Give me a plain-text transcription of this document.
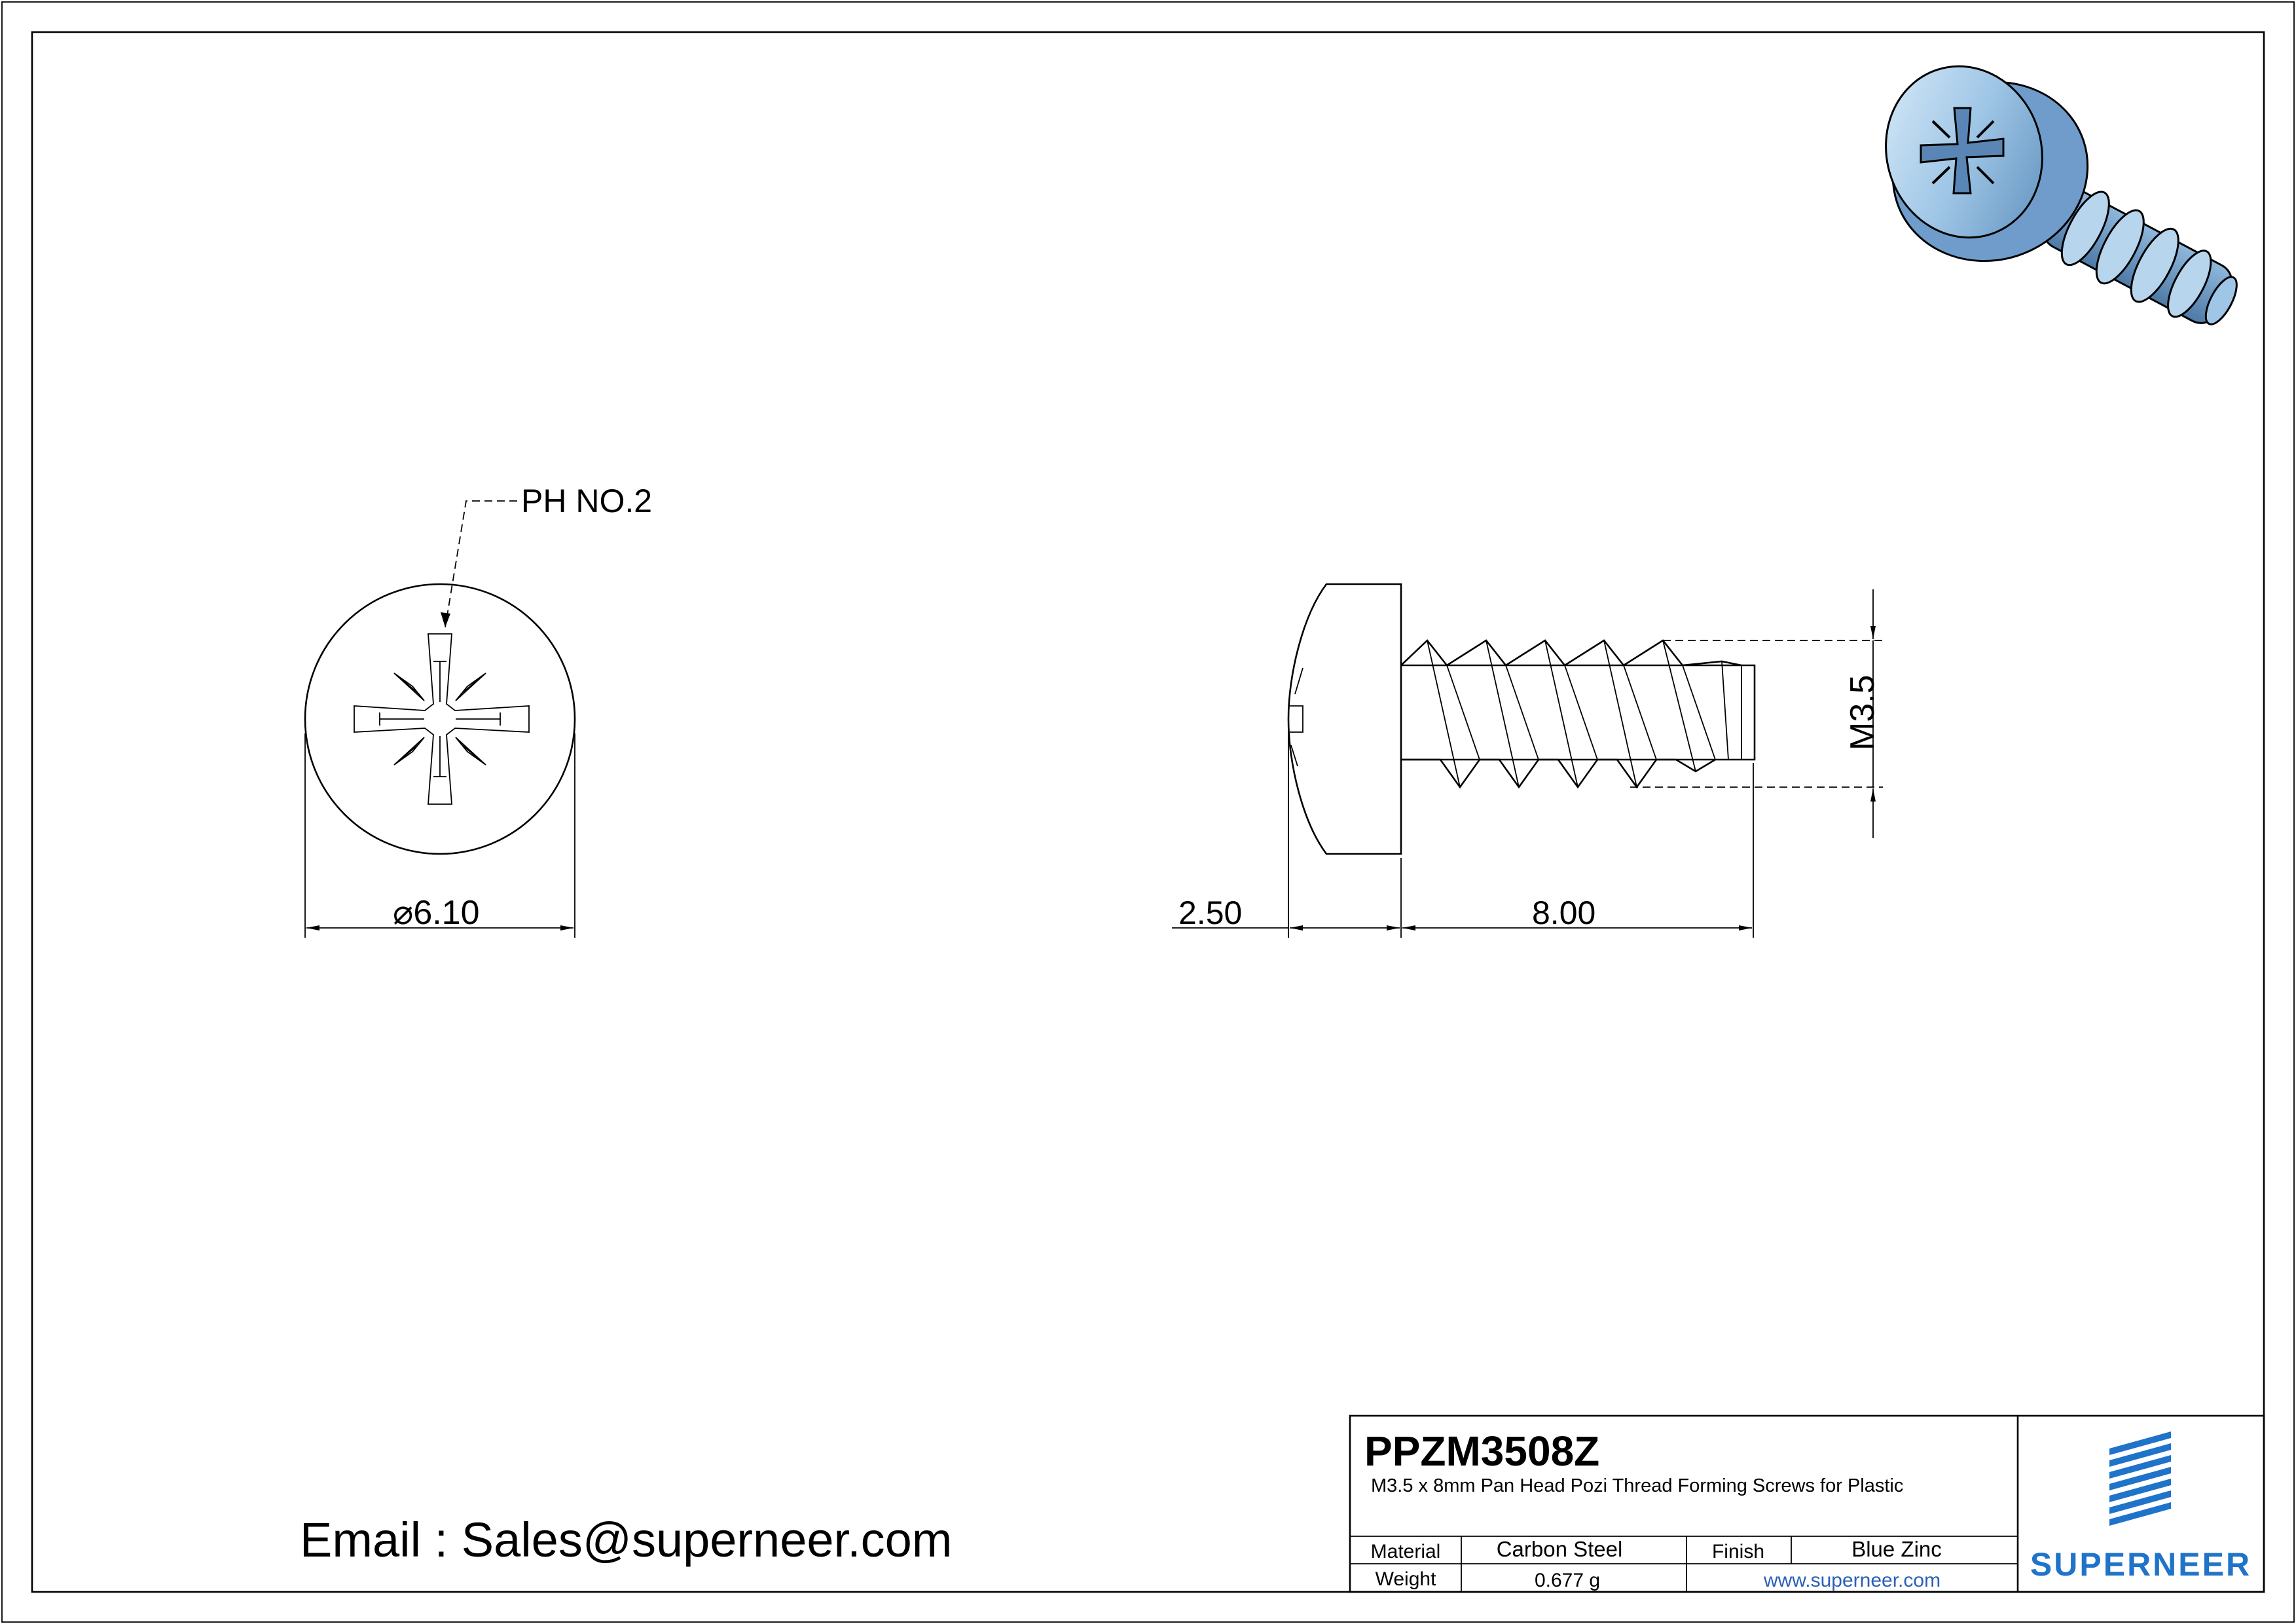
PH NO.2
⌀6.10	2.50	8.00
M3.5
Email : Sales@superneer.com
PPZM3508Z
M3.5 x 8mm Pan Head Pozi Thread Forming Screws for Plastic
Material	Carbon Steel	Finish	Blue Zinc
Weight	0.677 g	www.superneer.com	SUPERNEER
